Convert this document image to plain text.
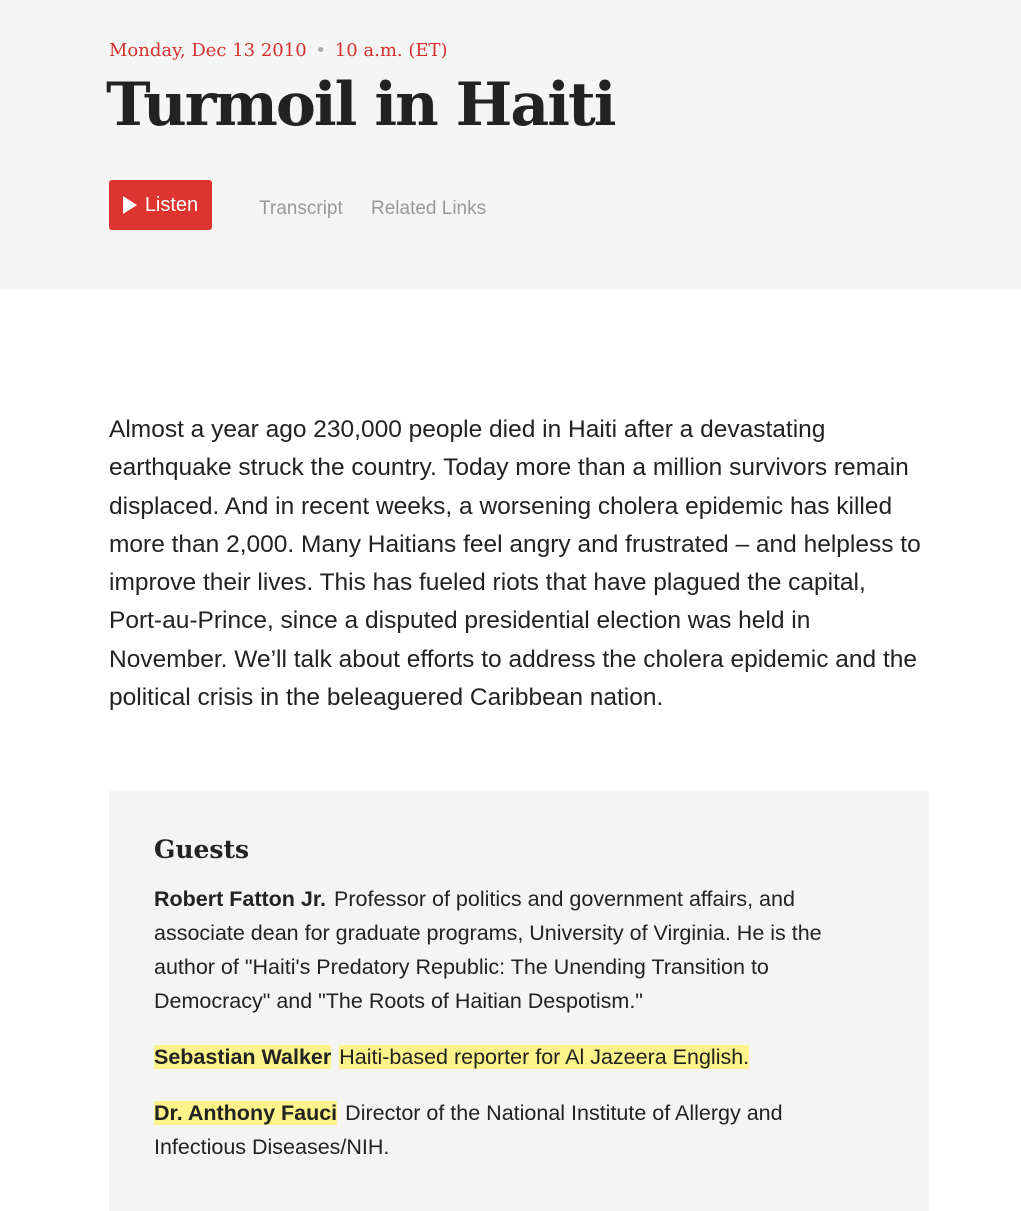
Monday, Dec 13 2010 • 10 a.m. (ET)
Turmoil in Haiti
Listen	Transcript Related Links

Almost a year ago 230,000 people died in Haiti after a devastating earthquake struck the country. Today more than a million survivors remain displaced. And in recent weeks, a worsening cholera epidemic has killed more than 2,000. Many Haitians feel angry and frustrated – and helpless to improve their lives. This has fueled riots that have plagued the capital, Port-au-Prince, since a disputed presidential election was held in November. We’ll talk about efforts to address the cholera epidemic and the political crisis in the beleaguered Caribbean nation.

Guests

Robert Fatton Jr. Professor of politics and government affairs, and associate dean for graduate programs, University of Virginia. He is the author of "Haiti's Predatory Republic: The Unending Transition to Democracy" and "The Roots of Haitian Despotism."

Sebastian Walker Haiti-based reporter for Al Jazeera English.

Dr. Anthony Fauci Director of the National Institute of Allergy and Infectious Diseases/NIH.
